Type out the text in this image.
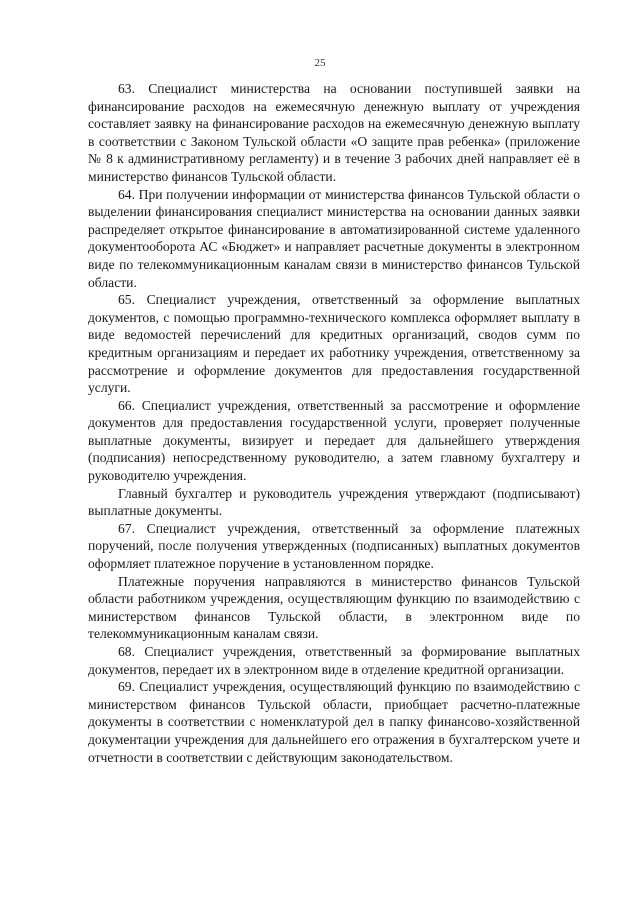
25

63. Специалист министерства на основании поступившей заявки на финансирование расходов на ежемесячную денежную выплату от учреждения составляет заявку на финансирование расходов на ежемесячную денежную выплату в соответствии с Законом Тульской области «О защите прав ребенка» (приложение № 8 к административному регламенту) и в течение 3 рабочих дней направляет её в министерство финансов Тульской области.

64. При получении информации от министерства финансов Тульской области о выделении финансирования специалист министерства на основании данных заявки распределяет открытое финансирование в автоматизированной системе удаленного документооборота АС «Бюджет» и направляет расчетные документы в электронном виде по телекоммуникационным каналам связи в министерство финансов Тульской области.

65. Специалист учреждения, ответственный за оформление выплатных документов, с помощью программно-технического комплекса оформляет выплату в виде ведомостей перечислений для кредитных организаций, сводов сумм по кредитным организациям и передает их работнику учреждения, ответственному за рассмотрение и оформление документов для предоставления государственной услуги.

66. Специалист учреждения, ответственный за рассмотрение и оформление документов для предоставления государственной услуги, проверяет полученные выплатные документы, визирует и передает для дальнейшего утверждения (подписания) непосредственному руководителю, а затем главному бухгалтеру и руководителю учреждения.

Главный бухгалтер и руководитель учреждения утверждают (подписывают) выплатные документы.

67. Специалист учреждения, ответственный за оформление платежных поручений, после получения утвержденных (подписанных) выплатных документов оформляет платежное поручение в установленном порядке.

Платежные поручения направляются в министерство финансов Тульской области работником учреждения, осуществляющим функцию по взаимодействию с министерством финансов Тульской области, в электронном виде по телекоммуникационным каналам связи.

68. Специалист учреждения, ответственный за формирование выплатных документов, передает их в электронном виде в отделение кредитной организации.

69. Специалист учреждения, осуществляющий функцию по взаимодействию с министерством финансов Тульской области, приобщает расчетно-платежные документы в соответствии с номенклатурой дел в папку финансово-хозяйственной документации учреждения для дальнейшего его отражения в бухгалтерском учете и отчетности в соответствии с действующим законодательством.
